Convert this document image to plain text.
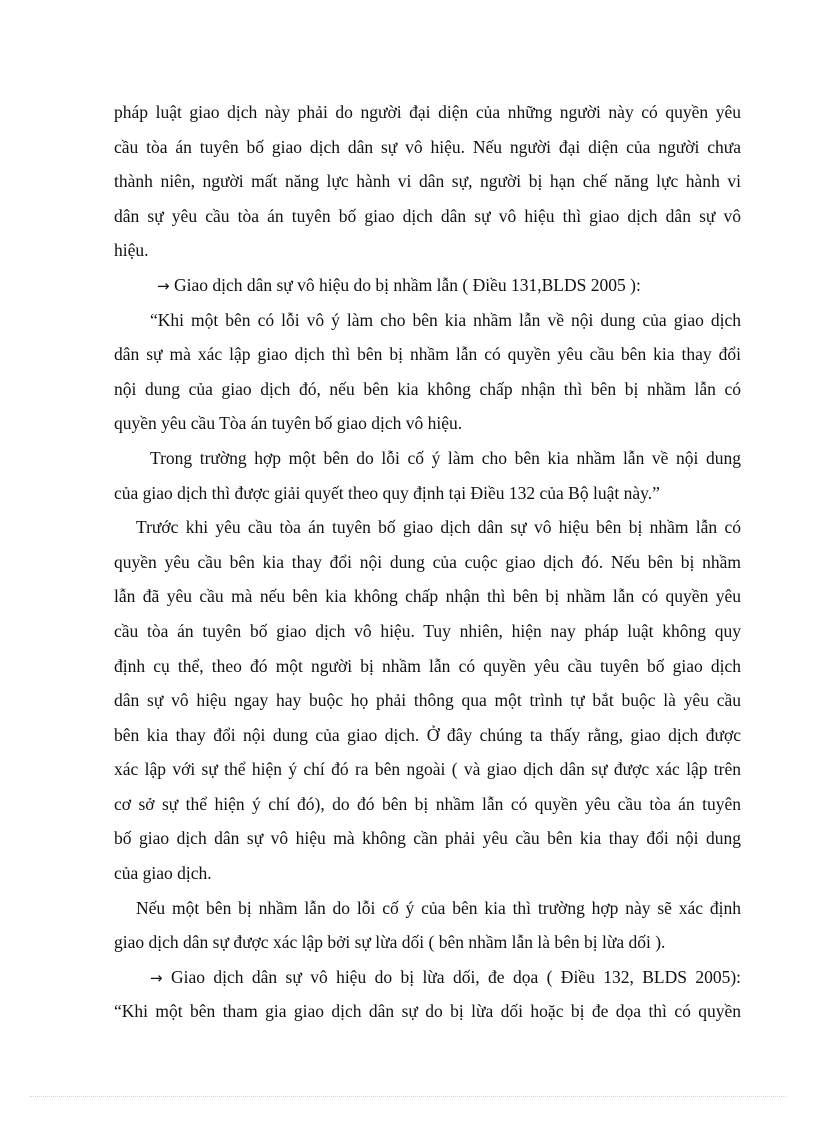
pháp luật giao dịch này phải do người đại diện của những người này có quyền yêu
cầu tòa án tuyên bố giao dịch dân sự vô hiệu. Nếu người đại diện của người chưa
thành niên, người mất năng lực hành vi dân sự, người bị hạn chế năng lực hành vi
dân sự yêu cầu tòa án tuyên bố giao dịch dân sự vô hiệu thì giao dịch dân sự vô
hiệu.
→ Giao dịch dân sự vô hiệu do bị nhầm lẫn ( Điều 131,BLDS 2005 ):
“Khi một bên có lỗi vô ý làm cho bên kia nhầm lẫn về nội dung của giao dịch
dân sự mà xác lập giao dịch thì bên bị nhầm lẫn có quyền yêu cầu bên kia thay đổi
nội dung của giao dịch đó, nếu bên kia không chấp nhận thì bên bị nhầm lẫn có
quyền yêu cầu Tòa án tuyên bố giao dịch vô hiệu.
Trong trường hợp một bên do lỗi cố ý làm cho bên kia nhầm lẫn về nội dung
của giao dịch thì được giải quyết theo quy định tại Điều 132 của Bộ luật này.”
Trước khi yêu cầu tòa án tuyên bố giao dịch dân sự vô hiệu bên bị nhầm lẫn có
quyền yêu cầu bên kia thay đổi nội dung của cuộc giao dịch đó. Nếu bên bị nhầm
lẫn đã yêu cầu mà nếu bên kia không chấp nhận thì bên bị nhầm lẫn có quyền yêu
cầu tòa án tuyên bố giao dịch vô hiệu. Tuy nhiên, hiện nay pháp luật không quy
định cụ thể, theo đó một người bị nhầm lẫn có quyền yêu cầu tuyên bố giao dịch
dân sự vô hiệu ngay hay buộc họ phải thông qua một trình tự bắt buộc là yêu cầu
bên kia thay đổi nội dung của giao dịch. Ở đây chúng ta thấy rằng, giao dịch được
xác lập với sự thể hiện ý chí đó ra bên ngoài ( và giao dịch dân sự được xác lập trên
cơ sở sự thể hiện ý chí đó), do đó bên bị nhầm lẫn có quyền yêu cầu tòa án tuyên
bố giao dịch dân sự vô hiệu mà không cần phải yêu cầu bên kia thay đổi nội dung
của giao dịch.
Nếu một bên bị nhầm lẫn do lỗi cố ý của bên kia thì trường hợp này sẽ xác định
giao dịch dân sự được xác lập bởi sự lừa dối ( bên nhầm lẫn là bên bị lừa dối ).
→ Giao dịch dân sự vô hiệu do bị lừa dối, đe dọa ( Điều 132, BLDS 2005):
“Khi một bên tham gia giao dịch dân sự do bị lừa dối hoặc bị đe dọa thì có quyền
